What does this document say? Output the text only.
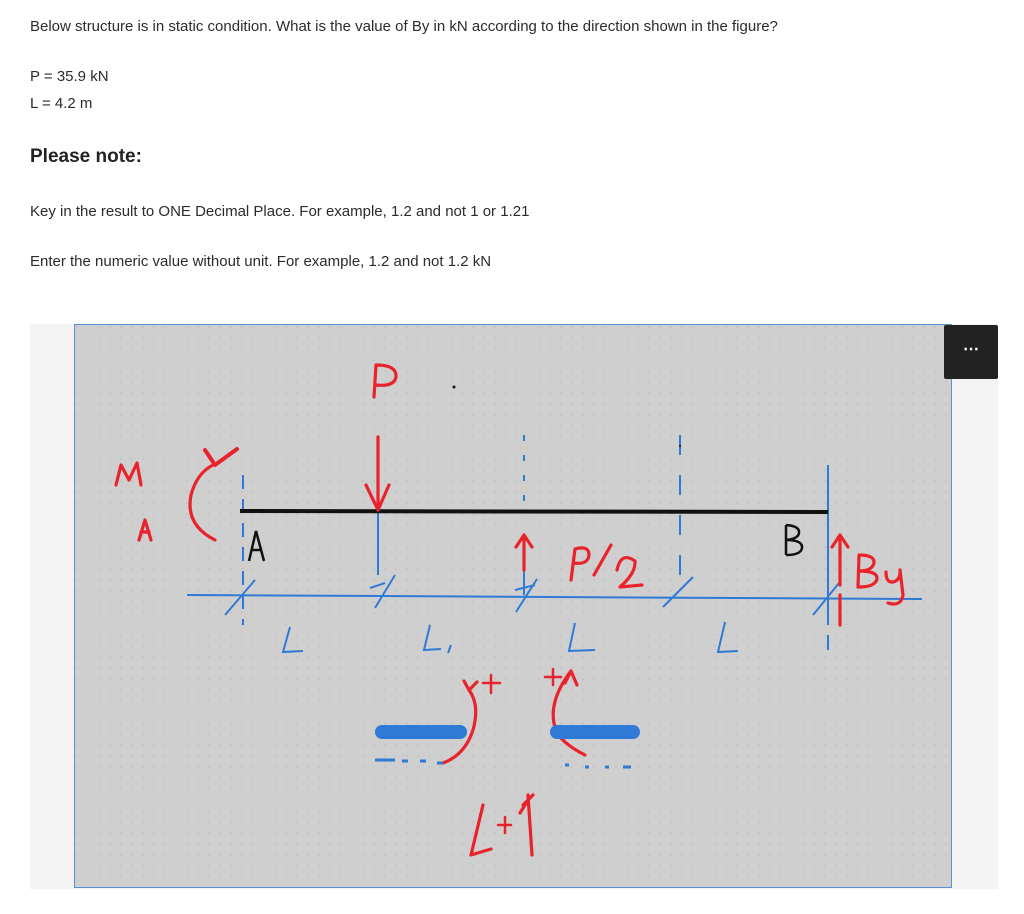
Below structure is in static condition. What is the value of By in kN according to the direction shown in the figure?
P = 35.9 kN
L = 4.2 m
Please note:
Key in the result to ONE Decimal Place. For example, 1.2 and not 1 or 1.21
Enter the numeric value without unit. For example, 1.2 and not 1.2 kN
⋯
